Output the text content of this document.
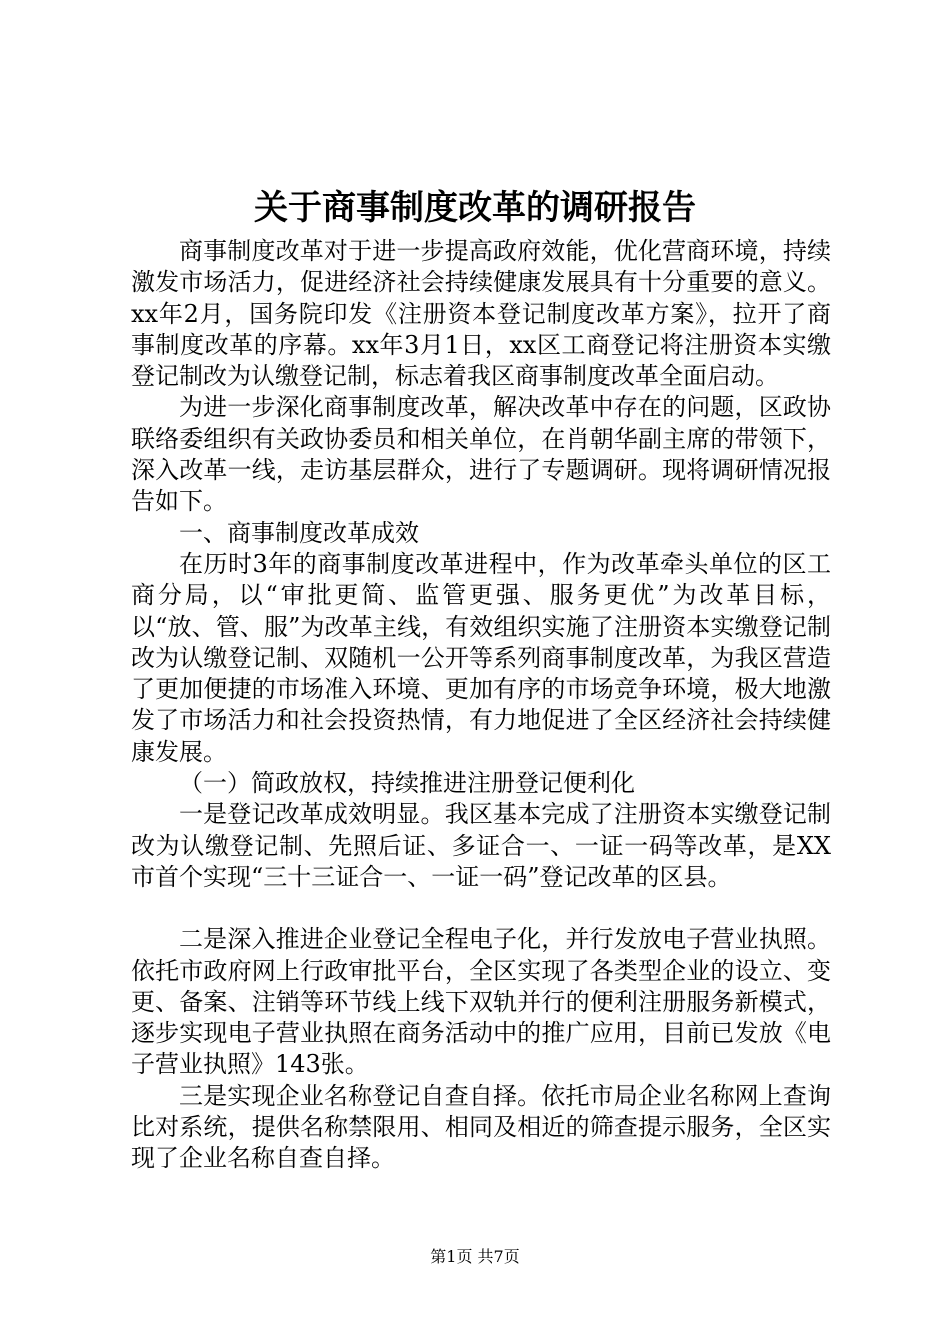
关于商事制度改革的调研报告

商事制度改革对于进一步提高政府效能，优化营商环境，持续激发市场活力，促进经济社会持续健康发展具有十分重要的意义。xx年2月，国务院印发《注册资本登记制度改革方案》，拉开了商事制度改革的序幕。xx年3月1日，xx区工商登记将注册资本实缴登记制改为认缴登记制，标志着我区商事制度改革全面启动。

为进一步深化商事制度改革，解决改革中存在的问题，区政协联络委组织有关政协委员和相关单位，在肖朝华副主席的带领下，深入改革一线，走访基层群众，进行了专题调研。现将调研情况报告如下。

一、商事制度改革成效

在历时3年的商事制度改革进程中，作为改革牵头单位的区工商分局，以“审批更简、监管更强、服务更优”为改革目标，以“放、管、服”为改革主线，有效组织实施了注册资本实缴登记制改为认缴登记制、双随机一公开等系列商事制度改革，为我区营造了更加便捷的市场准入环境、更加有序的市场竞争环境，极大地激发了市场活力和社会投资热情，有力地促进了全区经济社会持续健康发展。

（一）简政放权，持续推进注册登记便利化

一是登记改革成效明显。我区基本完成了注册资本实缴登记制改为认缴登记制、先照后证、多证合一、一证一码等改革，是XX市首个实现“三十三证合一、一证一码”登记改革的区县。

二是深入推进企业登记全程电子化，并行发放电子营业执照。依托市政府网上行政审批平台，全区实现了各类型企业的设立、变更、备案、注销等环节线上线下双轨并行的便利注册服务新模式，逐步实现电子营业执照在商务活动中的推广应用，目前已发放《电子营业执照》143张。

三是实现企业名称登记自查自择。依托市局企业名称网上查询比对系统，提供名称禁限用、相同及相近的筛查提示服务，全区实现了企业名称自查自择。

第1页 共7页
